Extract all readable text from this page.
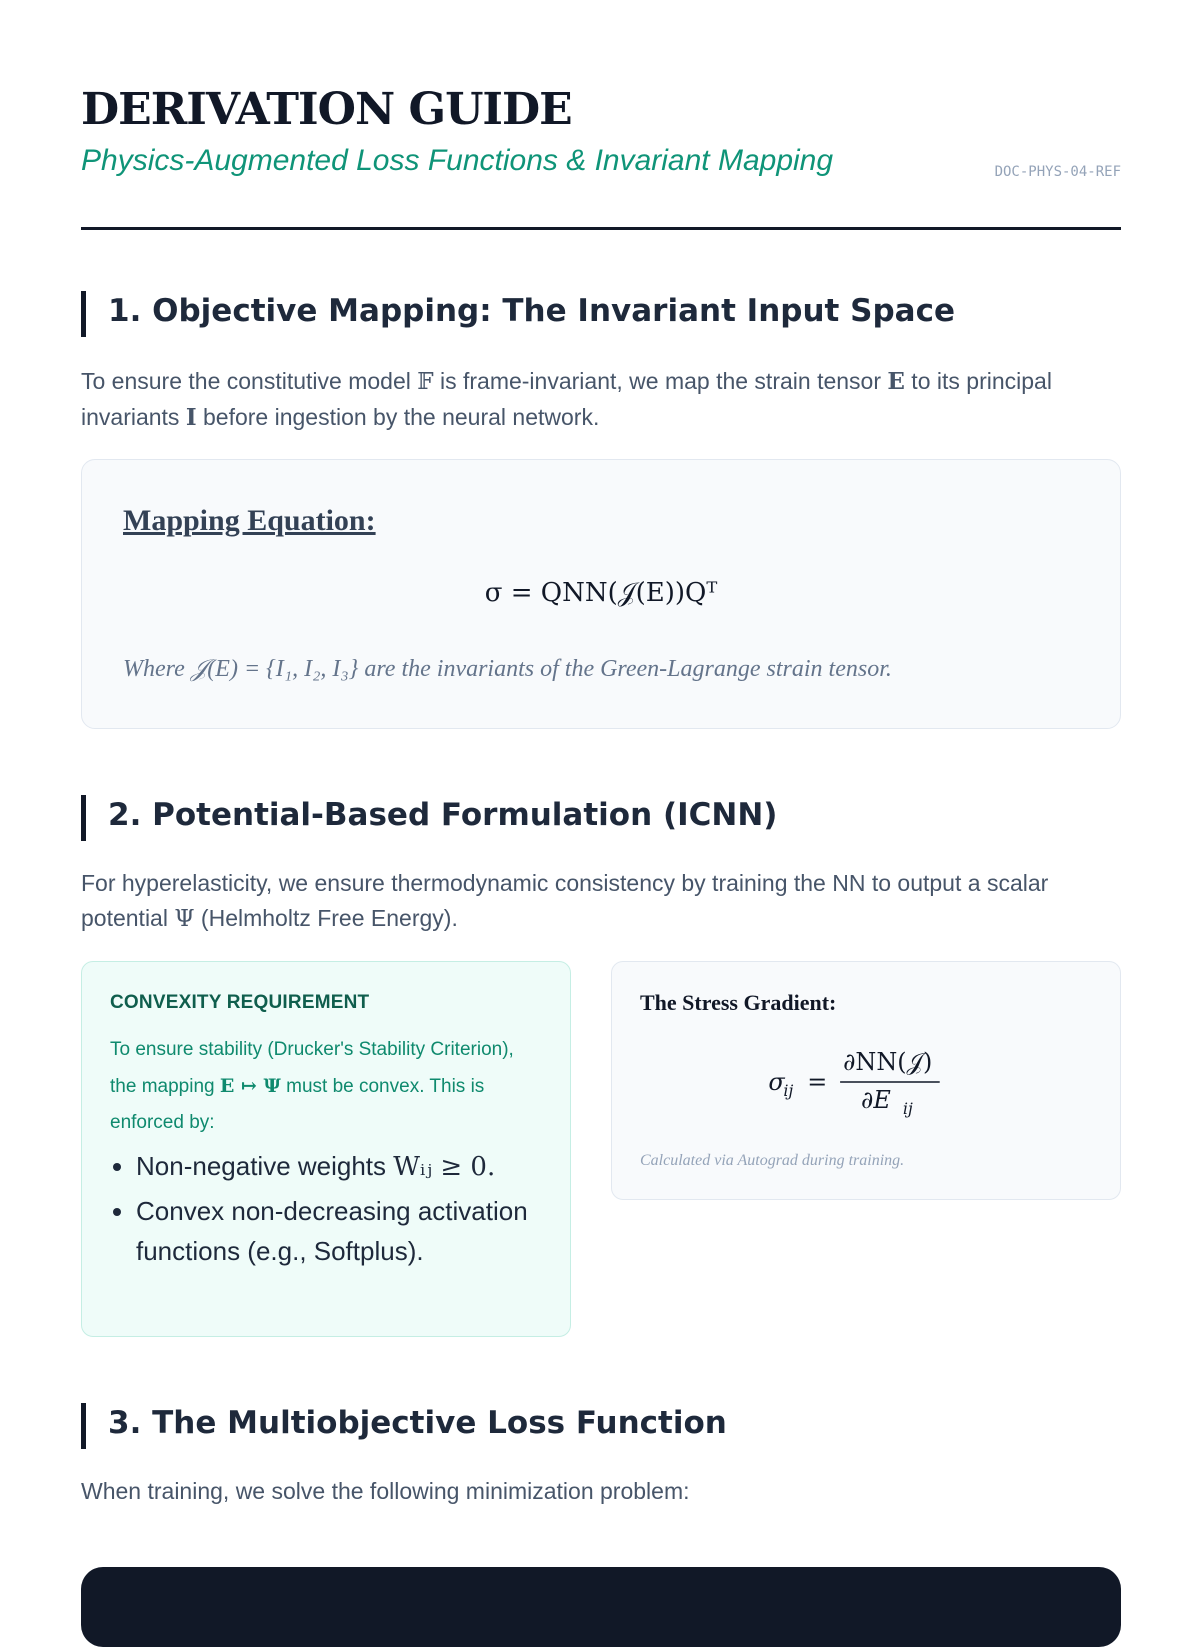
DERIVATION GUIDE
Physics-Augmented Loss Functions & Invariant Mapping	DOC-PHYS-04-REF
1. Objective Mapping: The Invariant Input Space

To ensure the constitutive model 𝔽 is frame-invariant, we map the strain tensor E to its principal invariants I before ingestion by the neural network.

Mapping Equation:
σ = QNN(𝒥(E))Qᵀ
Where 𝒥(E) = {I₁, I₂, I₃} are the invariants of the Green-Lagrange strain tensor.
2. Potential-Based Formulation (ICNN)

For hyperelasticity, we ensure thermodynamic consistency by training the NN to output a scalar potential Ψ (Helmholtz Free Energy).

CONVEXITY REQUIREMENT

To ensure stability (Drucker's Stability Criterion), the mapping E ↦ Ψ must be convex. This is enforced by:

• Non-negative weights Wᵢⱼ ≥ 0.
• Convex non-decreasing activation functions (e.g., Softplus).
The Stress Gradient:
σ
ij =
∂NN(𝒥)
∂E ij
Calculated via Autograd during training.
3. The Multiobjective Loss Function

When training, we solve the following minimization problem:
